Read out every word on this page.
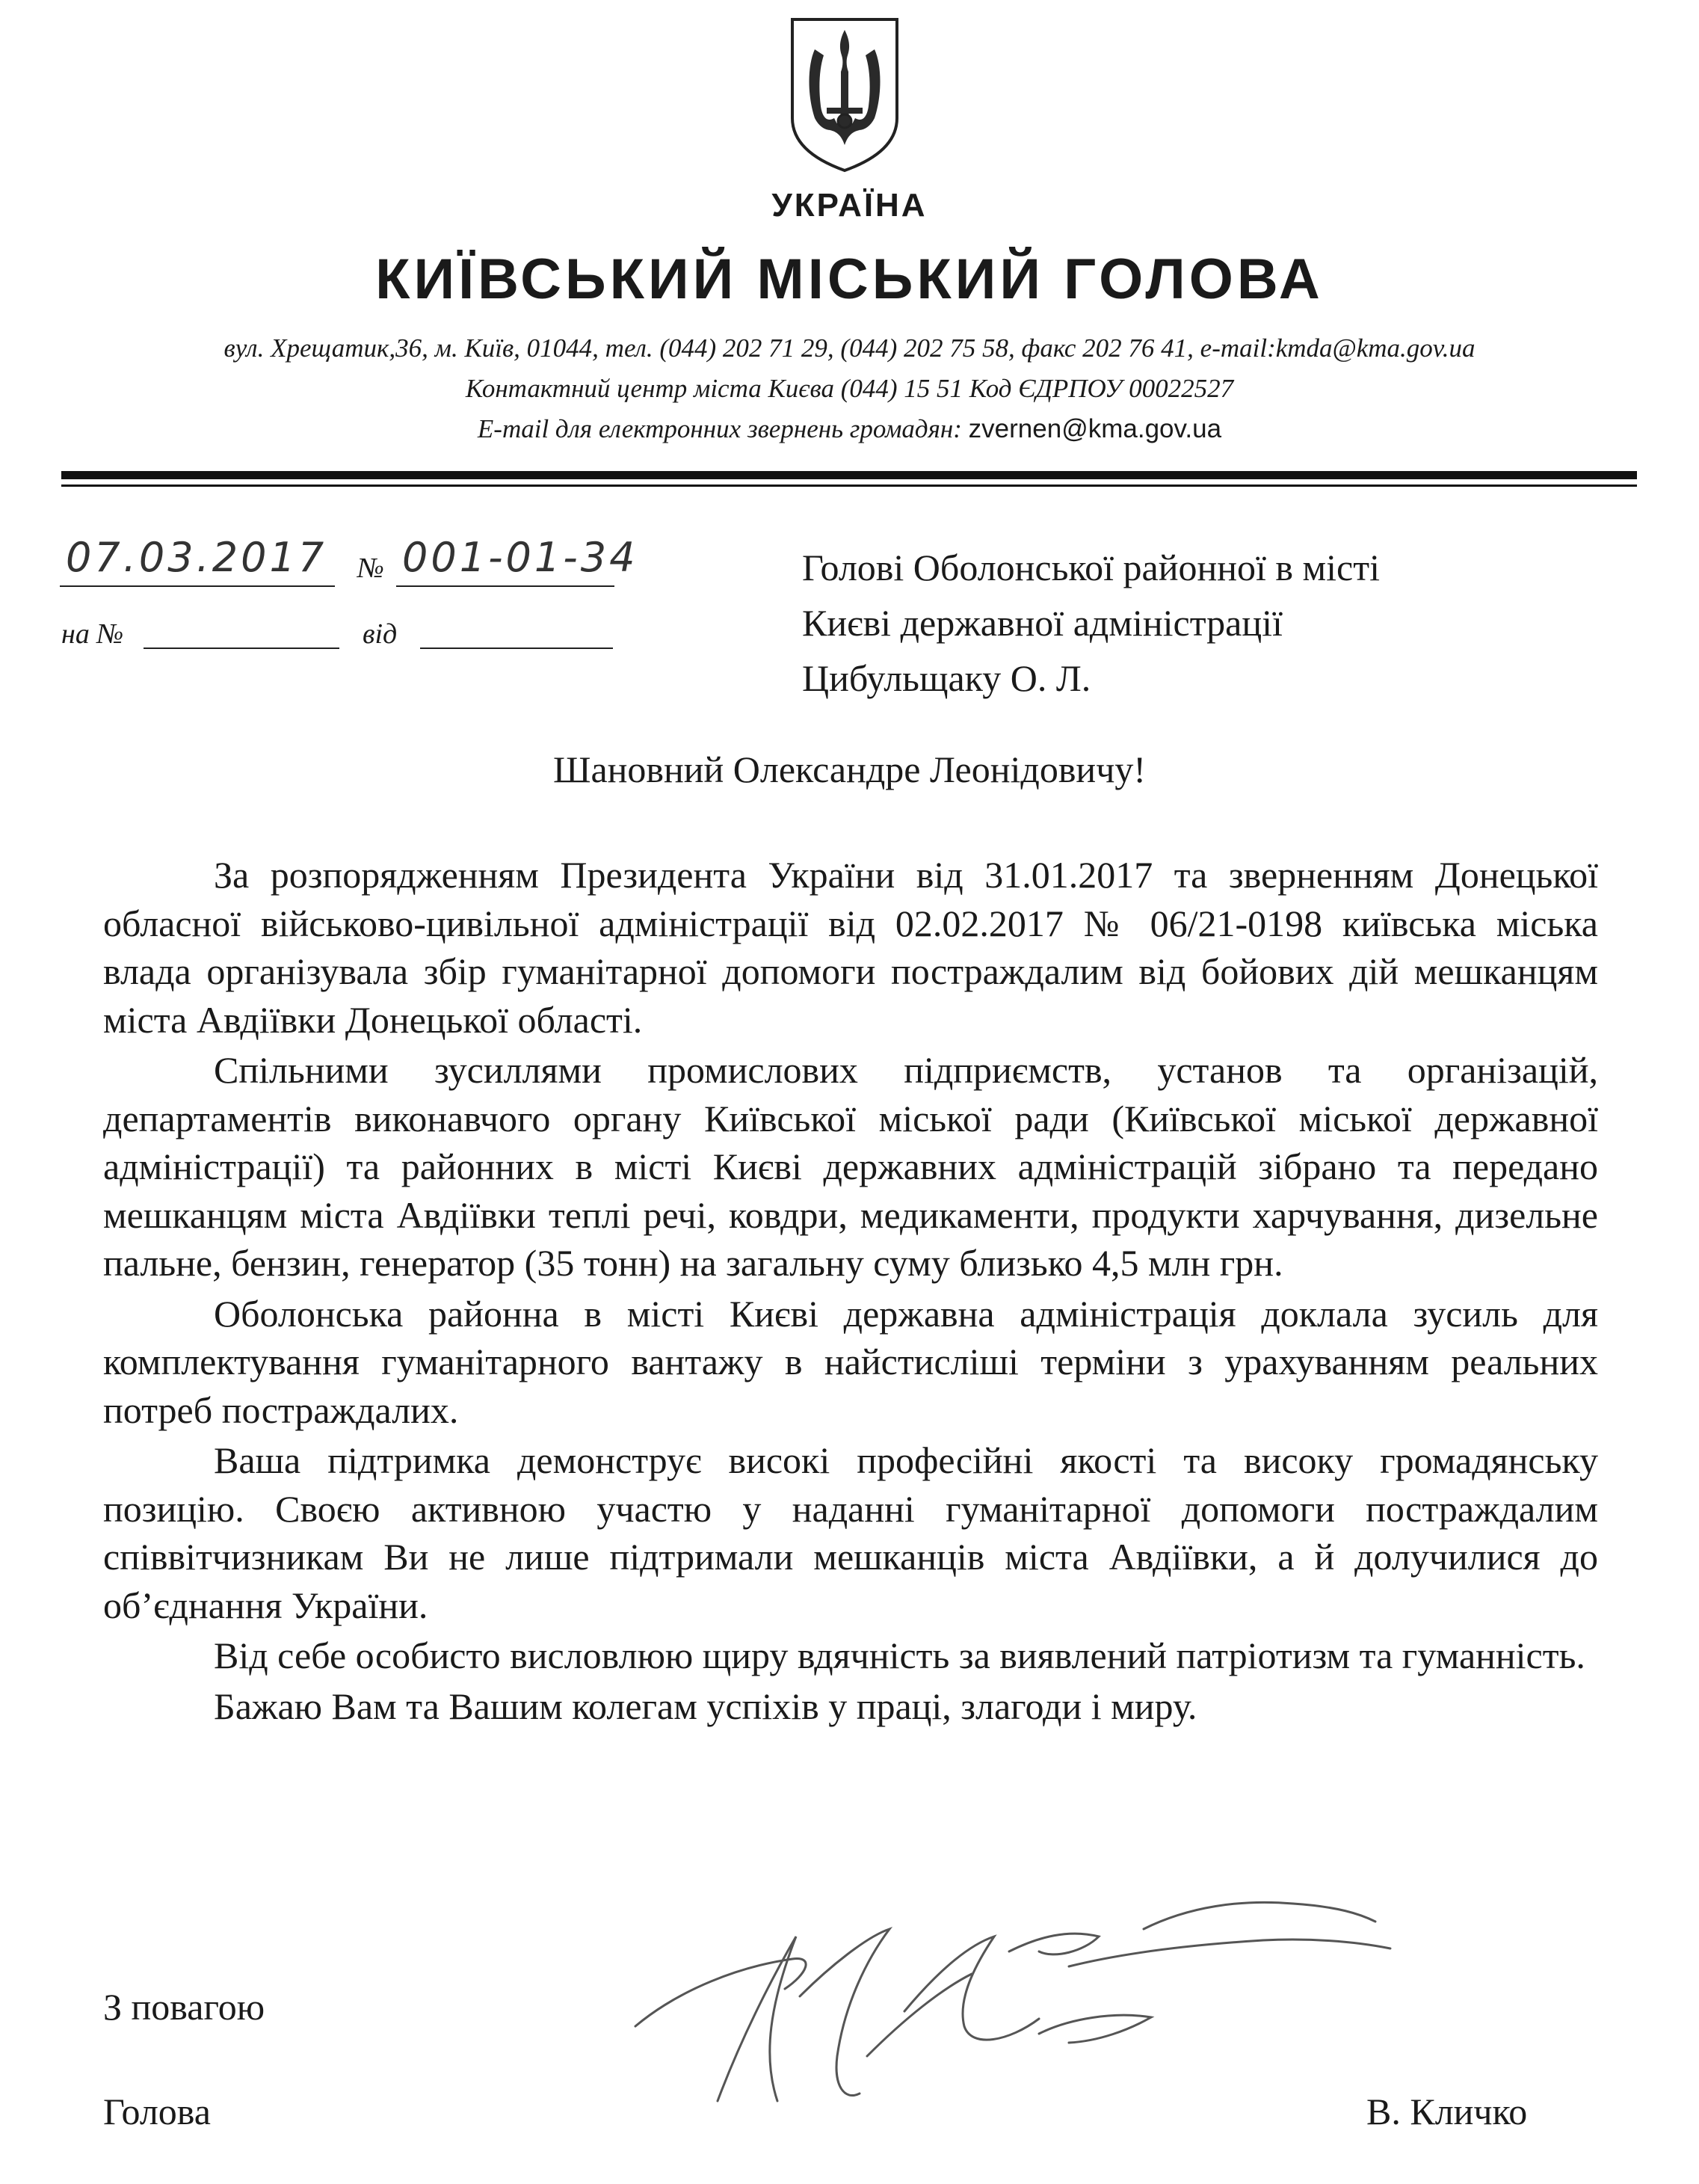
УКРАЇНА
КИЇВСЬКИЙ МІСЬКИЙ ГОЛОВА
вул. Хрещатик,36, м. Київ, 01044, тел. (044) 202 71 29, (044) 202 75 58, факс 202 76 41, e-mail:kmda@kma.gov.ua
Контактний центр міста Києва (044) 15 51 Код ЄДРПОУ 00022527
E-mail для електронних звернень громадян: zvernen@kma.gov.ua
07.03.2017 № 001-01-34
на №	від
Голові Оболонської районної в місті
Києві державної адміністрації
Цибульщаку О. Л.
Шановний Олександре Леонідовичу!

За розпорядженням Президента України від 31.01.2017 та зверненням Донецької обласної військово-цивільної адміністрації від 02.02.2017 № 06/21-0198 київська міська влада організувала збір гуманітарної допомоги постраждалим від бойових дій мешканцям міста Авдіївки Донецької області.

Спільними зусиллями промислових підприємств, установ та організацій, департаментів виконавчого органу Київської міської ради (Київської міської державної адміністрації) та районних в місті Києві державних адміністрацій зібрано та передано мешканцям міста Авдіївки теплі речі, ковдри, медикаменти, продукти харчування, дизельне пальне, бензин, генератор (35 тонн) на загальну суму близько 4,5 млн грн.

Оболонська районна в місті Києві державна адміністрація доклала зусиль для комплектування гуманітарного вантажу в найстисліші терміни з урахуванням реальних потреб постраждалих.

Ваша підтримка демонструє високі професійні якості та високу громадянську позицію. Своєю активною участю у наданні гуманітарної допомоги постраждалим співвітчизникам Ви не лише підтримали мешканців міста Авдіївки, а й долучилися до об’єднання України.

Від себе особисто висловлюю щиру вдячність за виявлений патріотизм та гуманність.

Бажаю Вам та Вашим колегам успіхів у праці, злагоди і миру.

З повагою
Голова	В. Кличко
